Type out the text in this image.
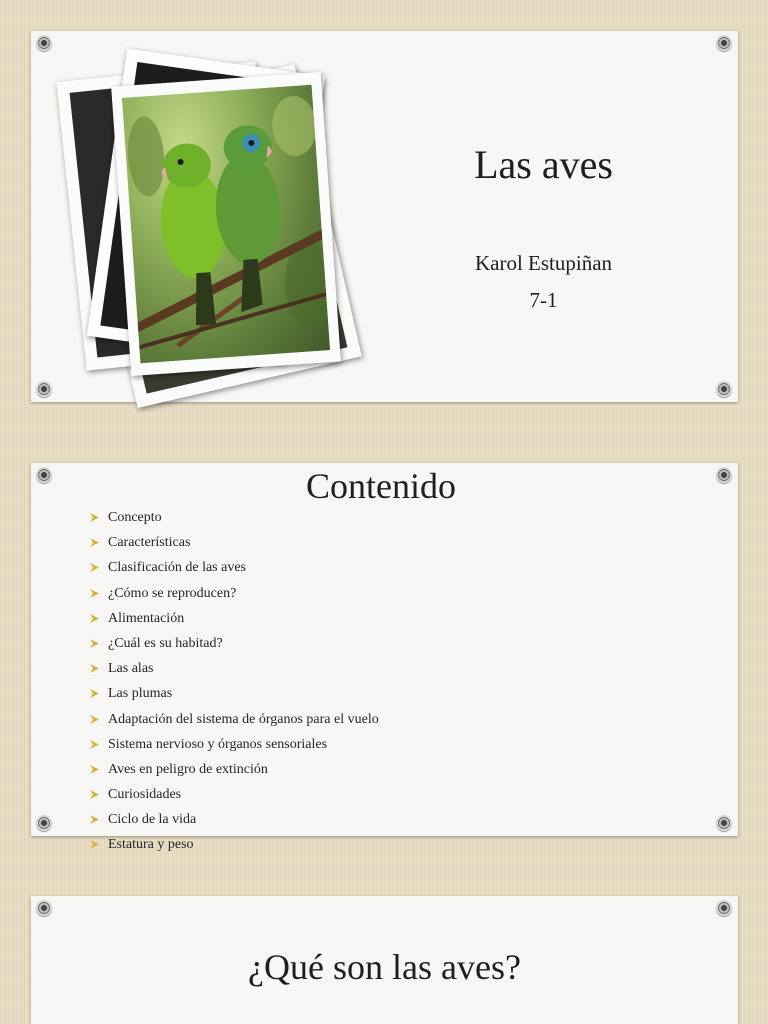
Las aves
Karol Estupiñan
7-1
Contenido
Concepto
Características
Clasificación de las aves
¿Cómo se reproducen?
Alimentación
¿Cuál es su habitad?
Las alas
Las plumas
Adaptación del sistema de órganos para el vuelo
Sistema nervioso y órganos sensoriales
Aves en peligro de extinción
Curiosidades
Ciclo de la vida
Estatura y peso
¿Qué son las aves?
